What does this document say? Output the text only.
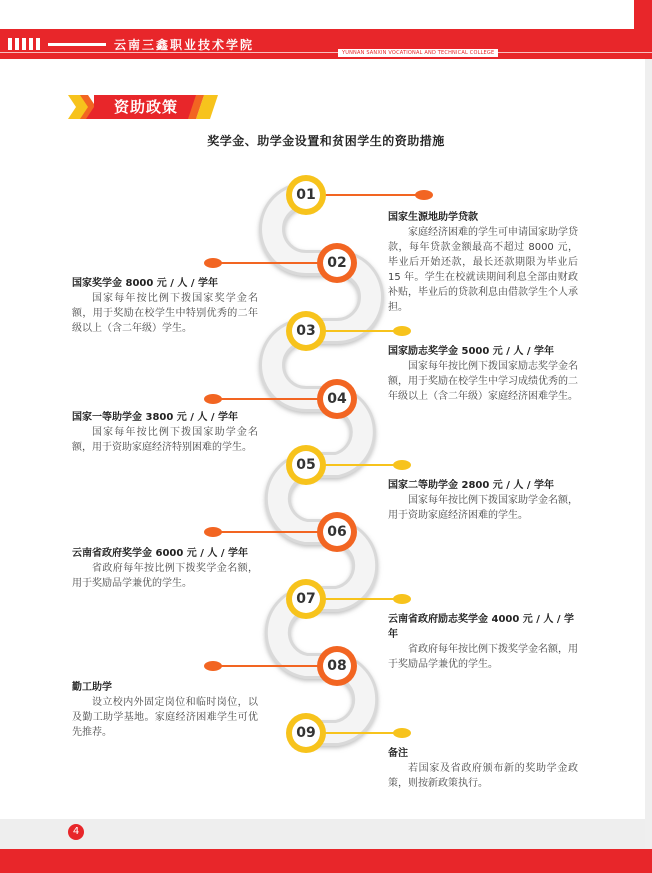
云南三鑫职业技术学院
YUNNAN SANXIN VOCATIONAL AND TECHNICAL COLLEGE
资助政策
奖学金、助学金设置和贫困学生的资助措施
01
02
03
04
05
06
07
08
09
国家生源地助学贷款
家庭经济困难的学生可申请国家助学贷款，每年贷款金额最高不超过 8000 元，毕业后开始还款，最长还款期限为毕业后 15 年。学生在校就读期间利息全部由财政补贴，毕业后的贷款利息由借款学生个人承担。
国家奖学金 8000 元 / 人 / 学年
国家每年按比例下拨国家奖学金名额，用于奖励在校学生中特别优秀的二年级以上（含二年级）学生。
国家励志奖学金 5000 元 / 人 / 学年
国家每年按比例下拨国家励志奖学金名额，用于奖励在校学生中学习成绩优秀的二年级以上（含二年级）家庭经济困难学生。
国家一等助学金 3800 元 / 人 / 学年
国家每年按比例下拨国家助学金名额，用于资助家庭经济特别困难的学生。
国家二等助学金 2800 元 / 人 / 学年
国家每年按比例下拨国家助学金名额，用于资助家庭经济困难的学生。
云南省政府奖学金 6000 元 / 人 / 学年
省政府每年按比例下拨奖学金名额，用于奖励品学兼优的学生。
云南省政府励志奖学金 4000 元 / 人 / 学年
省政府每年按比例下拨奖学金名额，用于奖励品学兼优的学生。
勤工助学
设立校内外固定岗位和临时岗位，以及勤工助学基地。家庭经济困难学生可优先推荐。
备注
若国家及省政府颁布新的奖助学金政策，则按新政策执行。
4
